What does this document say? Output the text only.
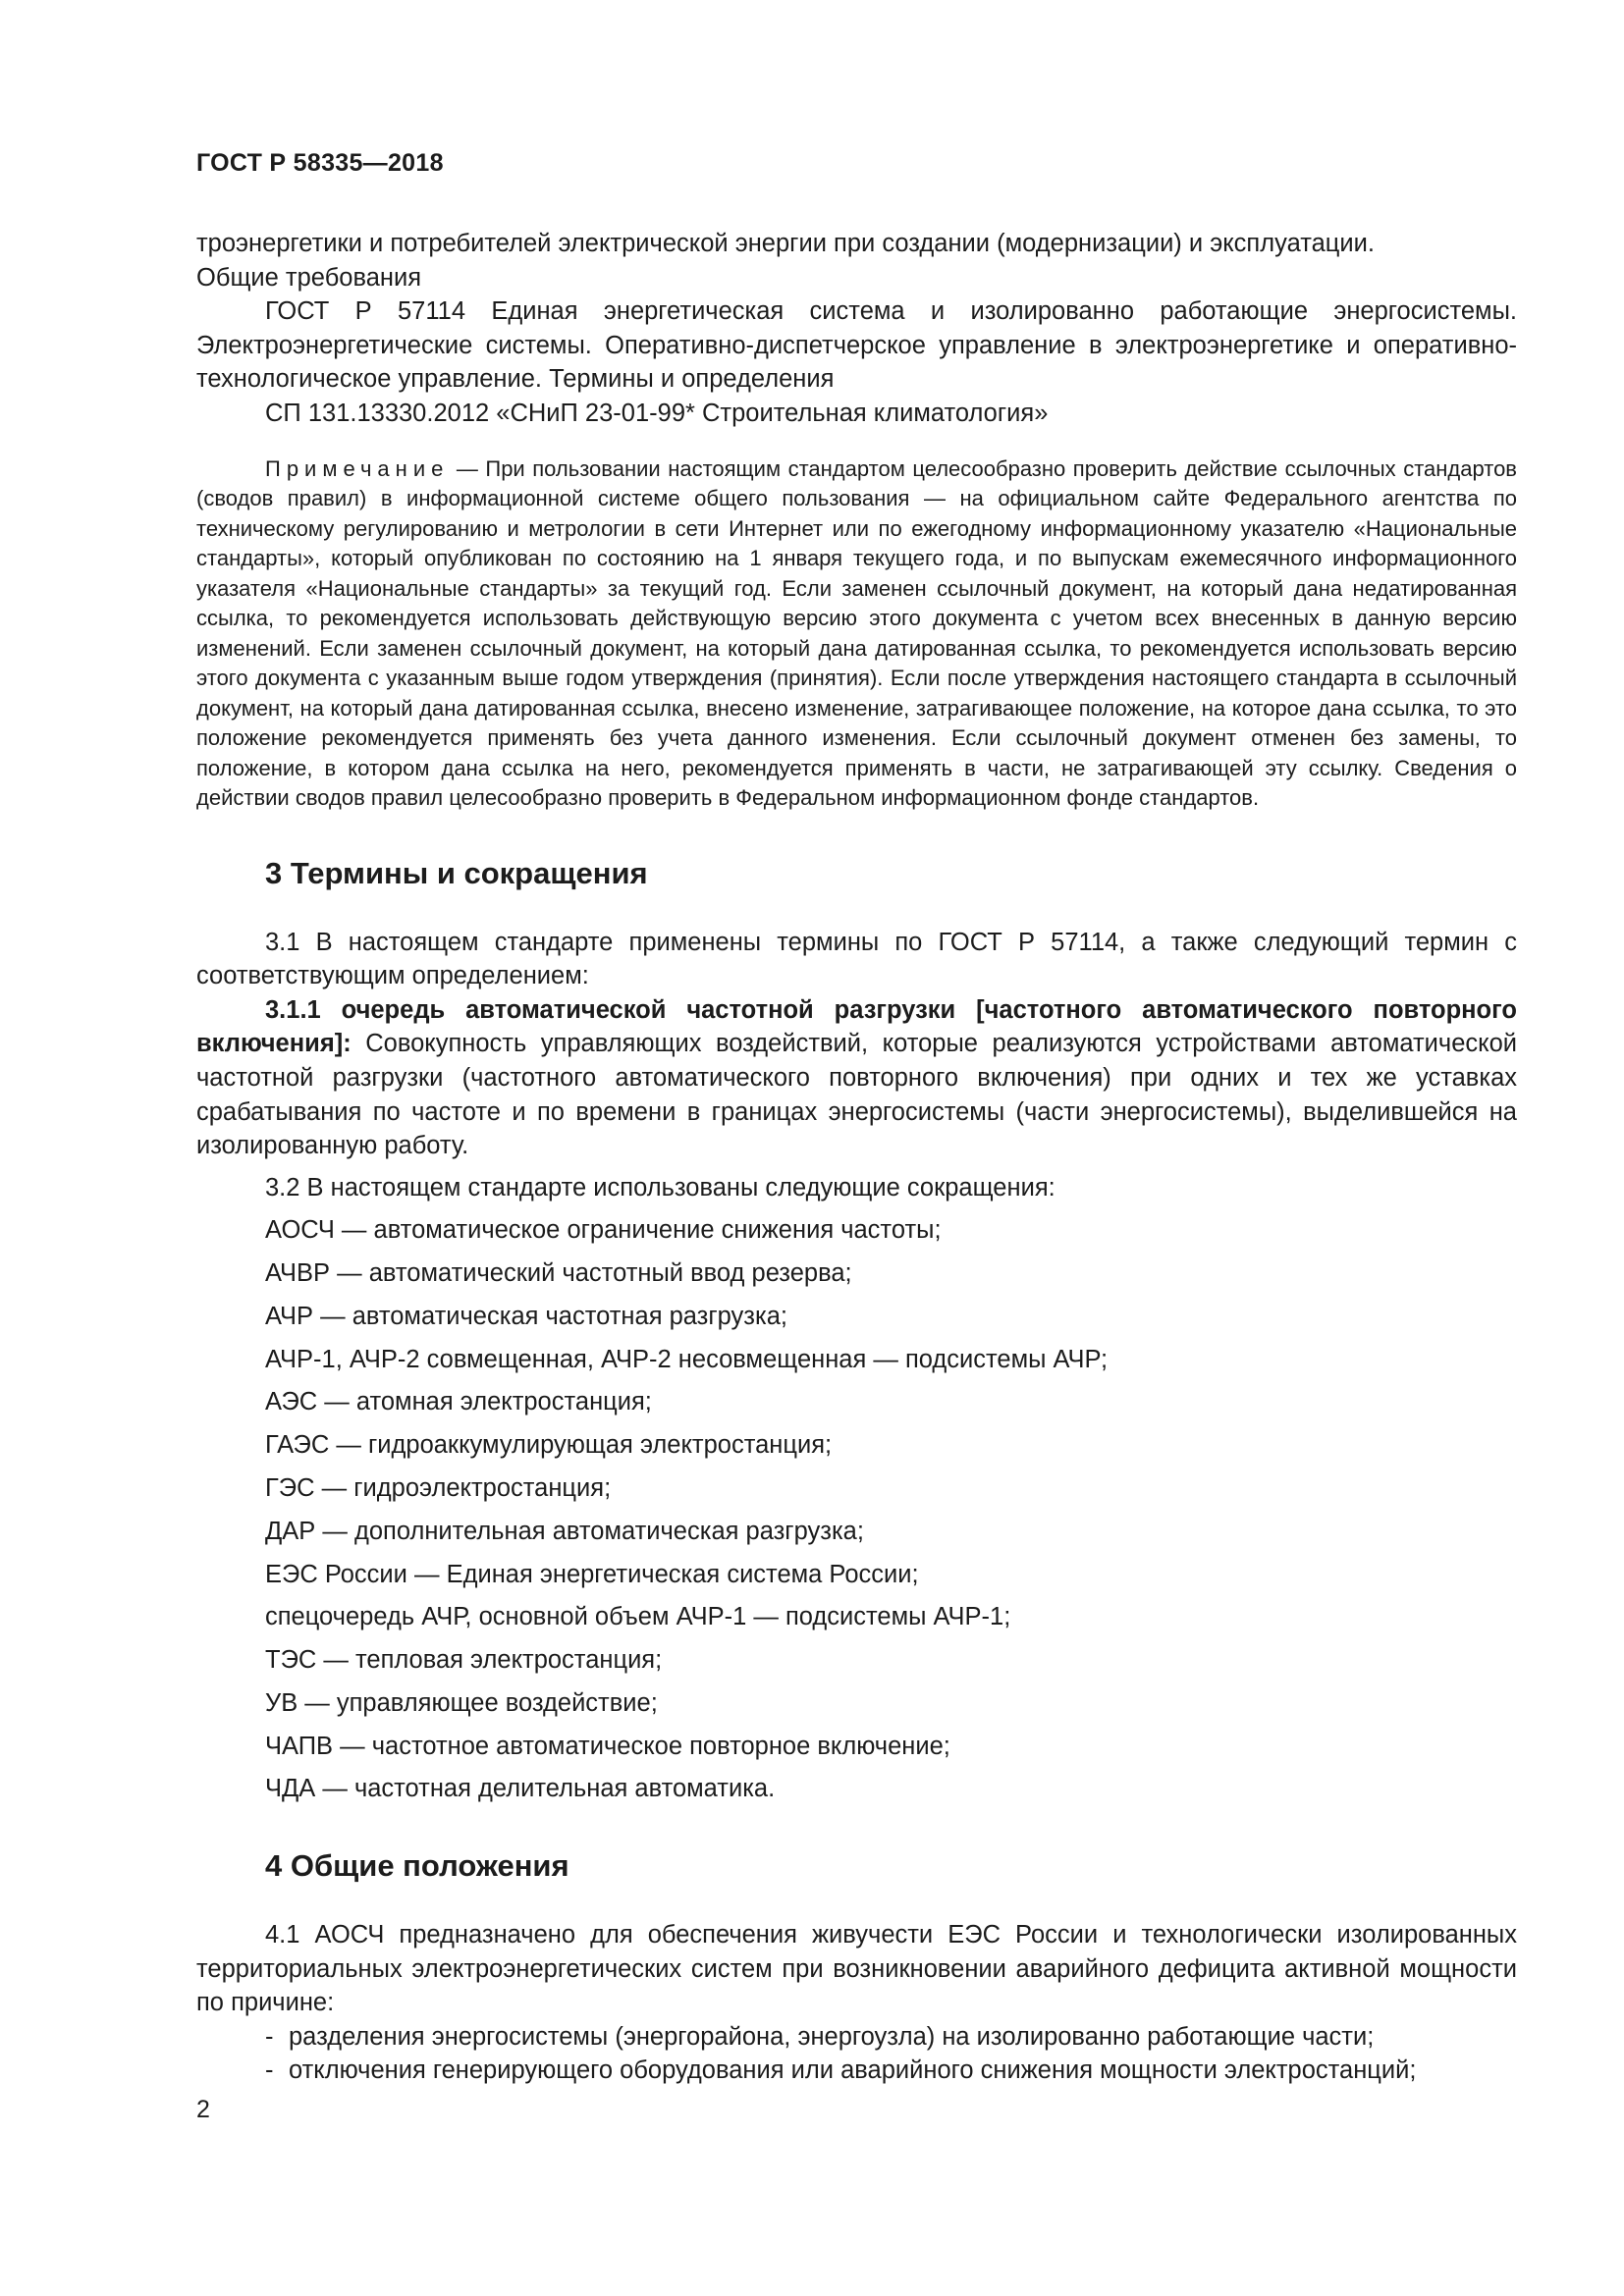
ГОСТ Р 58335—2018

троэнергетики и потребителей электрической энергии при создании (модернизации) и эксплуатации.

Общие требования

ГОСТ Р 57114 Единая энергетическая система и изолированно работающие энергосистемы. Электроэнергетические системы. Оперативно-диспетчерское управление в электроэнергетике и оперативно-технологическое управление. Термины и определения

СП 131.13330.2012 «СНиП 23-01-99* Строительная климатология»

Примечание — При пользовании настоящим стандартом целесообразно проверить действие ссылочных стандартов (сводов правил) в информационной системе общего пользования — на официальном сайте Федерального агентства по техническому регулированию и метрологии в сети Интернет или по ежегодному информационному указателю «Национальные стандарты», который опубликован по состоянию на 1 января текущего года, и по выпускам ежемесячного информационного указателя «Национальные стандарты» за текущий год. Если заменен ссылочный документ, на который дана недатированная ссылка, то рекомендуется использовать действующую версию этого документа с учетом всех внесенных в данную версию изменений. Если заменен ссылочный документ, на который дана датированная ссылка, то рекомендуется использовать версию этого документа с указанным выше годом утверждения (принятия). Если после утверждения настоящего стандарта в ссылочный документ, на который дана датированная ссылка, внесено изменение, затрагивающее положение, на которое дана ссылка, то это положение рекомендуется применять без учета данного изменения. Если ссылочный документ отменен без замены, то положение, в котором дана ссылка на него, рекомендуется применять в части, не затрагивающей эту ссылку. Сведения о действии сводов правил целесообразно проверить в Федеральном информационном фонде стандартов.

3 Термины и сокращения

3.1 В настоящем стандарте применены термины по ГОСТ Р 57114, а также следующий термин с соответствующим определением:

3.1.1 очередь автоматической частотной разгрузки [частотного автоматического повторного включения]: Совокупность управляющих воздействий, которые реализуются устройствами автоматической частотной разгрузки (частотного автоматического повторного включения) при одних и тех же уставках срабатывания по частоте и по времени в границах энергосистемы (части энергосистемы), выделившейся на изолированную работу.

3.2 В настоящем стандарте использованы следующие сокращения:

АОСЧ — автоматическое ограничение снижения частоты;
АЧВР — автоматический частотный ввод резерва;
АЧР — автоматическая частотная разгрузка;
АЧР-1, АЧР-2 совмещенная, АЧР-2 несовмещенная — подсистемы АЧР;
АЭС — атомная электростанция;
ГАЭС — гидроаккумулирующая электростанция;
ГЭС — гидроэлектростанция;
ДАР — дополнительная автоматическая разгрузка;
ЕЭС России — Единая энергетическая система России;
спецочередь АЧР, основной объем АЧР-1 — подсистемы АЧР-1;
ТЭС — тепловая электростанция;
УВ — управляющее воздействие;
ЧАПВ — частотное автоматическое повторное включение;
ЧДА — частотная делительная автоматика.

4 Общие положения

4.1 АОСЧ предназначено для обеспечения живучести ЕЭС России и технологически изолированных территориальных электроэнергетических систем при возникновении аварийного дефицита активной мощности по причине:

- разделения энергосистемы (энергорайона, энергоузла) на изолированно работающие части;
- отключения генерирующего оборудования или аварийного снижения мощности электростанций;
2
